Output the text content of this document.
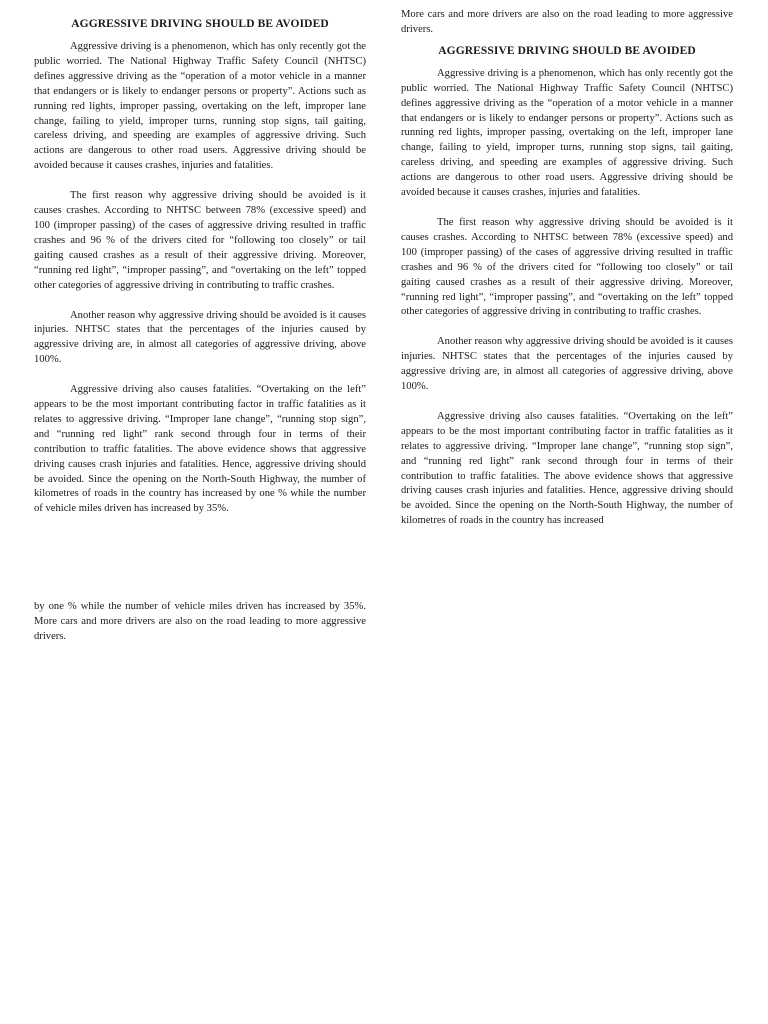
AGGRESSIVE DRIVING SHOULD BE AVOIDED

Aggressive driving is a phenomenon, which has only recently got the public worried. The National Highway Traffic Safety Council (NHTSC) defines aggressive driving as the “operation of a motor vehicle in a manner that endangers or is likely to endanger persons or property”. Actions such as running red lights, improper passing, overtaking on the left, improper lane change, failing to yield, improper turns, running stop signs, tail gaiting, careless driving, and speeding are examples of aggressive driving. Such actions are dangerous to other road users. Aggressive driving should be avoided because it causes crashes, injuries and fatalities.

The first reason why aggressive driving should be avoided is it causes crashes. According to NHTSC between 78% (excessive speed) and 100 (improper passing) of the cases of aggressive driving resulted in traffic crashes and 96 % of the drivers cited for “following too closely” or tail gaiting caused crashes as a result of their aggressive driving. Moreover, “running red light”, “improper passing”, and “overtaking on the left” topped other categories of aggressive driving in contributing to traffic crashes.

Another reason why aggressive driving should be avoided is it causes injuries. NHTSC states that the percentages of the injuries caused by aggressive driving are, in almost all categories of aggressive driving, above 100%.

Aggressive driving also causes fatalities. “Overtaking on the left” appears to be the most important contributing factor in traffic fatalities as it relates to aggressive driving. “Improper lane change”, “running stop sign”, and “running red light” rank second through four in terms of their contribution to traffic fatalities. The above evidence shows that aggressive driving causes crash injuries and fatalities. Hence, aggressive driving should be avoided. Since the opening on the North-South Highway, the number of kilometres of roads in the country has increased by one % while the number of vehicle miles driven has increased by 35%.

by one % while the number of vehicle miles driven has increased by 35%. More cars and more drivers are also on the road leading to more aggressive drivers.

More cars and more drivers are also on the road leading to more aggressive drivers.

AGGRESSIVE DRIVING SHOULD BE AVOIDED

Aggressive driving is a phenomenon, which has only recently got the public worried. The National Highway Traffic Safety Council (NHTSC) defines aggressive driving as the “operation of a motor vehicle in a manner that endangers or is likely to endanger persons or property”. Actions such as running red lights, improper passing, overtaking on the left, improper lane change, failing to yield, improper turns, running stop signs, tail gaiting, careless driving, and speeding are examples of aggressive driving. Such actions are dangerous to other road users. Aggressive driving should be avoided because it causes crashes, injuries and fatalities.

The first reason why aggressive driving should be avoided is it causes crashes. According to NHTSC between 78% (excessive speed) and 100 (improper passing) of the cases of aggressive driving resulted in traffic crashes and 96 % of the drivers cited for “following too closely” or tail gaiting caused crashes as a result of their aggressive driving. Moreover, “running red light”, “improper passing”, and “overtaking on the left” topped other categories of aggressive driving in contributing to traffic crashes.

Another reason why aggressive driving should be avoided is it causes injuries. NHTSC states that the percentages of the injuries caused by aggressive driving are, in almost all categories of aggressive driving, above 100%.

Aggressive driving also causes fatalities. “Overtaking on the left” appears to be the most important contributing factor in traffic fatalities as it relates to aggressive driving. “Improper lane change”, “running stop sign”, and “running red light” rank second through four in terms of their contribution to traffic fatalities. The above evidence shows that aggressive driving causes crash injuries and fatalities. Hence, aggressive driving should be avoided. Since the opening on the North-South Highway, the number of kilometres of roads in the country has increased
